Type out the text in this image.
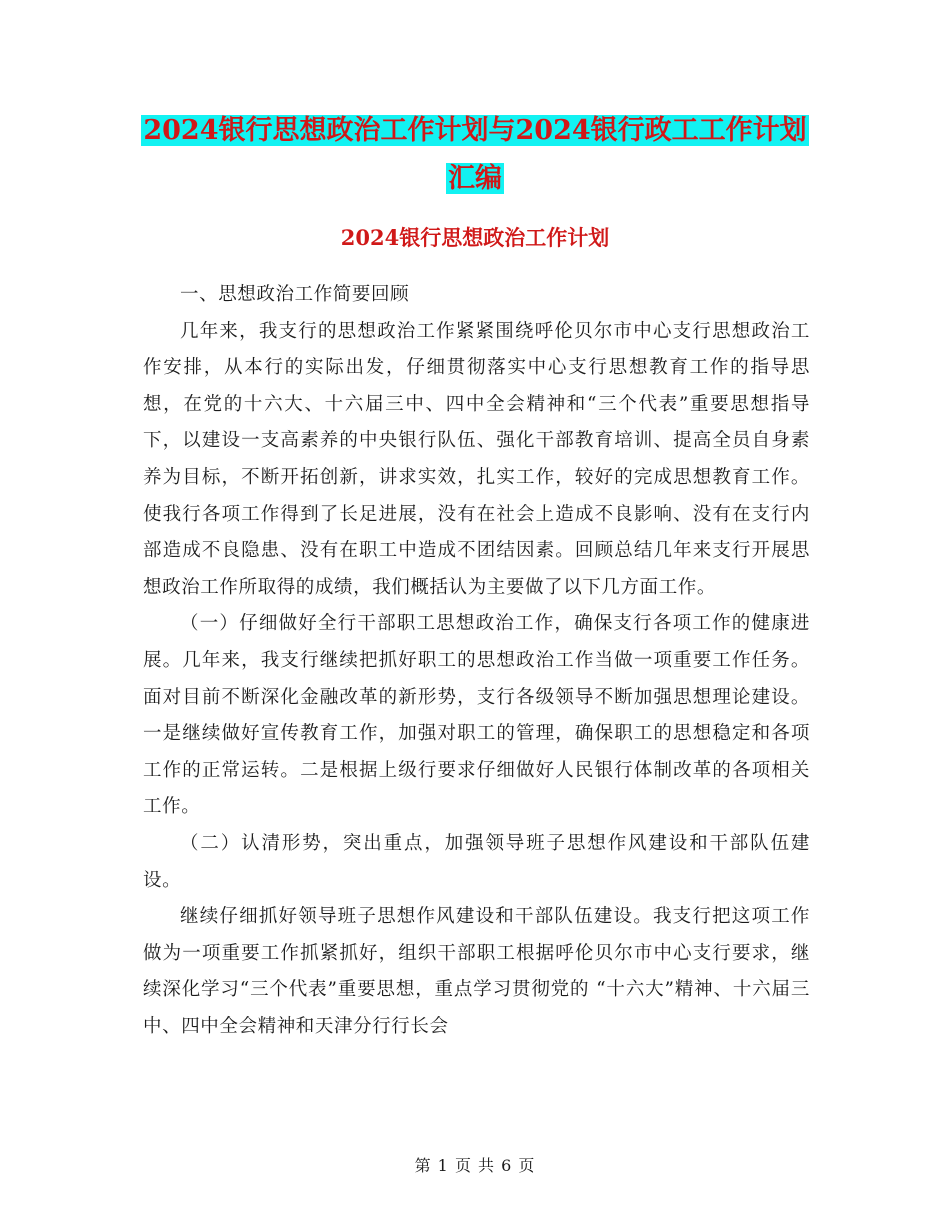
2024银行思想政治工作计划与2024银行政工工作计划
汇编
2024银行思想政治工作计划

一、思想政治工作简要回顾

几年来，我支行的思想政治工作紧紧围绕呼伦贝尔市中心支行思想政治工作安排，从本行的实际出发，仔细贯彻落实中心支行思想教育工作的指导思想，在党的十六大、十六届三中、四中全会精神和“三个代表”重要思想指导下，以建设一支高素养的中央银行队伍、强化干部教育培训、提高全员自身素养为目标，不断开拓创新，讲求实效，扎实工作，较好的完成思想教育工作。使我行各项工作得到了长足进展，没有在社会上造成不良影响、没有在支行内部造成不良隐患、没有在职工中造成不团结因素。回顾总结几年来支行开展思想政治工作所取得的成绩，我们概括认为主要做了以下几方面工作。

（一）仔细做好全行干部职工思想政治工作，确保支行各项工作的健康进展。几年来，我支行继续把抓好职工的思想政治工作当做一项重要工作任务。面对目前不断深化金融改革的新形势，支行各级领导不断加强思想理论建设。一是继续做好宣传教育工作，加强对职工的管理，确保职工的思想稳定和各项工作的正常运转。二是根据上级行要求仔细做好人民银行体制改革的各项相关工作。

（二）认清形势，突出重点，加强领导班子思想作风建设和干部队伍建设。

继续仔细抓好领导班子思想作风建设和干部队伍建设。我支行把这项工作做为一项重要工作抓紧抓好，组织干部职工根据呼伦贝尔市中心支行要求，继续深化学习“三个代表”重要思想，重点学习贯彻党的 “十六大”精神、十六届三中、四中全会精神和天津分行行长会

第 1 页 共 6 页
